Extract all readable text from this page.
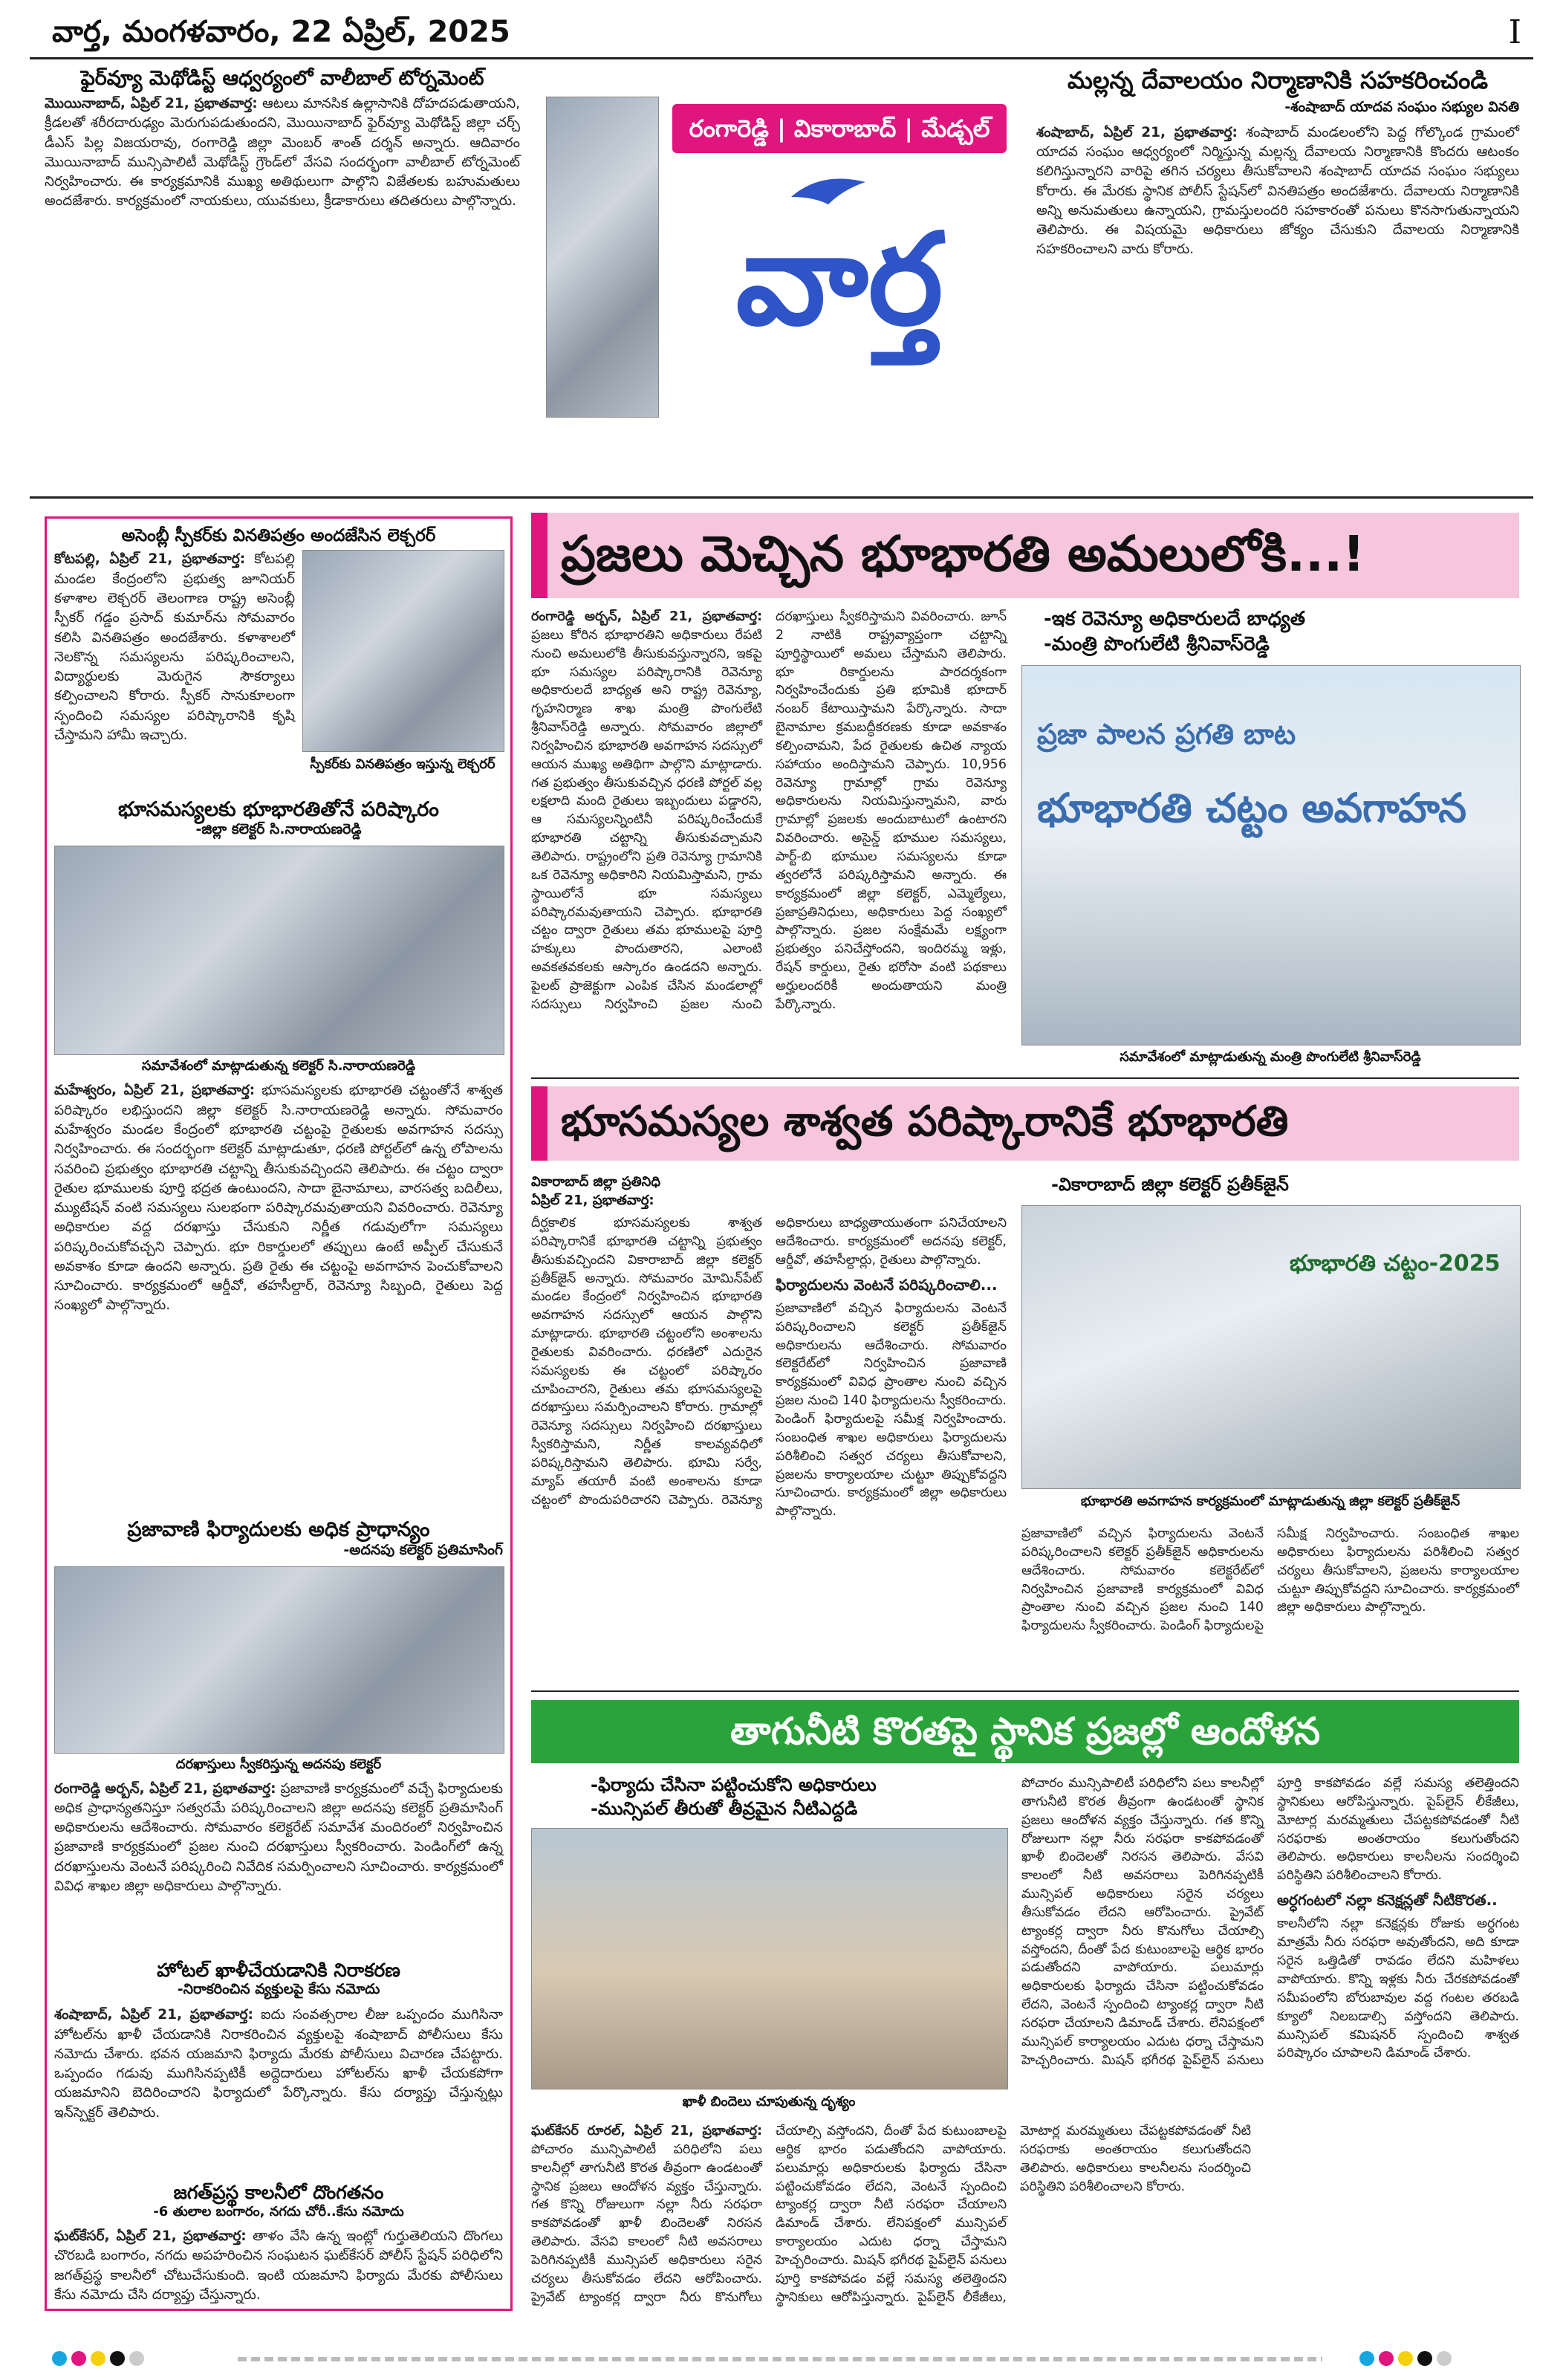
వార్త, మంగళవారం, 22 ఏప్రిల్, 2025	I
ఫైర్‌వ్యూ మెథోడిస్ట్ ఆధ్వర్యంలో వాలీబాల్ టోర్నమెంట్

మొయినాబాద్, ఏప్రిల్ 21, ప్రభాతవార్త: ఆటలు మానసిక ఉల్లాసానికి దోహదపడుతాయని, క్రీడలతో శరీరదారుఢ్యం మెరుగుపడుతుందని, మొయినాబాద్ ఫైర్‌వ్యూ మెథోడిస్ట్ జిల్లా చర్చ్ డీఎస్ పిల్ల విజయరావు, రంగారెడ్డి జిల్లా మెంబర్ శాంత్ దర్శన్ అన్నారు. ఆదివారం మొయినాబాద్ మున్సిపాలిటీ మెథోడిస్ట్ గ్రౌండ్‌లో వేసవి సందర్భంగా వాలీబాల్ టోర్నమెంట్ నిర్వహించారు. ఈ కార్యక్రమానికి ముఖ్య అతిథులుగా పాల్గొని విజేతలకు బహుమతులు అందజేశారు. కార్యక్రమంలో నాయకులు, యువకులు, క్రీడాకారులు తదితరులు పాల్గొన్నారు.

రంగారెడ్డి | వికారాబాద్ | మేడ్చల్
వార్త
మల్లన్న దేవాలయం నిర్మాణానికి సహకరించండి
-శంషాబాద్ యాదవ సంఘం సభ్యుల వినతి

శంషాబాద్, ఏప్రిల్ 21, ప్రభాతవార్త: శంషాబాద్ మండలంలోని పెద్ద గోల్కొండ గ్రామంలో యాదవ సంఘం ఆధ్వర్యంలో నిర్మిస్తున్న మల్లన్న దేవాలయ నిర్మాణానికి కొందరు ఆటంకం కలిగిస్తున్నారని వారిపై తగిన చర్యలు తీసుకోవాలని శంషాబాద్ యాదవ సంఘం సభ్యులు కోరారు. ఈ మేరకు స్థానిక పోలీస్ స్టేషన్‌లో వినతిపత్రం అందజేశారు. దేవాలయ నిర్మాణానికి అన్ని అనుమతులు ఉన్నాయని, గ్రామస్తులందరి సహకారంతో పనులు కొనసాగుతున్నాయని తెలిపారు. ఈ విషయమై అధికారులు జోక్యం చేసుకుని దేవాలయ నిర్మాణానికి సహకరించాలని వారు కోరారు.

అసెంబ్లీ స్పీకర్‌కు వినతిపత్రం అందజేసిన లెక్చరర్

కోటపల్లి, ఏప్రిల్ 21, ప్రభాతవార్త: కోటపల్లి మండల కేంద్రంలోని ప్రభుత్వ జూనియర్ కళాశాల లెక్చరర్ తెలంగాణ రాష్ట్ర అసెంబ్లీ స్పీకర్ గడ్డం ప్రసాద్ కుమార్‌ను సోమవారం కలిసి వినతిపత్రం అందజేశారు. కళాశాలలో నెలకొన్న సమస్యలను పరిష్కరించాలని, విద్యార్థులకు మెరుగైన సౌకర్యాలు కల్పించాలని కోరారు. స్పీకర్ సానుకూలంగా స్పందించి సమస్యల పరిష్కారానికి కృషి చేస్తామని హామీ ఇచ్చారు.

స్పీకర్‌కు వినతిపత్రం ఇస్తున్న లెక్చరర్
భూసమస్యలకు భూభారతితోనే పరిష్కారం
-జిల్లా కలెక్టర్ సి.నారాయణరెడ్డి
సమావేశంలో మాట్లాడుతున్న కలెక్టర్ సి.నారాయణరెడ్డి

మహేశ్వరం, ఏప్రిల్ 21, ప్రభాతవార్త: భూసమస్యలకు భూభారతి చట్టంతోనే శాశ్వత పరిష్కారం లభిస్తుందని జిల్లా కలెక్టర్ సి.నారాయణరెడ్డి అన్నారు. సోమవారం మహేశ్వరం మండల కేంద్రంలో భూభారతి చట్టంపై రైతులకు అవగాహన సదస్సు నిర్వహించారు. ఈ సందర్భంగా కలెక్టర్ మాట్లాడుతూ, ధరణి పోర్టల్‌లో ఉన్న లోపాలను సవరించి ప్రభుత్వం భూభారతి చట్టాన్ని తీసుకువచ్చిందని తెలిపారు. ఈ చట్టం ద్వారా రైతుల భూములకు పూర్తి భద్రత ఉంటుందని, సాదా బైనామాలు, వారసత్వ బదిలీలు, మ్యుటేషన్ వంటి సమస్యలు సులభంగా పరిష్కారమవుతాయని వివరించారు. రెవెన్యూ అధికారుల వద్ద దరఖాస్తు చేసుకుని నిర్ణీత గడువులోగా సమస్యలు పరిష్కరించుకోవచ్చని చెప్పారు. భూ రికార్డులలో తప్పులు ఉంటే అప్పీల్ చేసుకునే అవకాశం కూడా ఉందని అన్నారు. ప్రతి రైతు ఈ చట్టంపై అవగాహన పెంచుకోవాలని సూచించారు. కార్యక్రమంలో ఆర్డీవో, తహసీల్దార్, రెవెన్యూ సిబ్బంది, రైతులు పెద్ద సంఖ్యలో పాల్గొన్నారు.

ప్రజావాణి ఫిర్యాదులకు అధిక ప్రాధాన్యం
-అదనపు కలెక్టర్ ప్రతిమాసింగ్
దరఖాస్తులు స్వీకరిస్తున్న అదనపు కలెక్టర్

రంగారెడ్డి అర్బన్, ఏప్రిల్ 21, ప్రభాతవార్త: ప్రజావాణి కార్యక్రమంలో వచ్చే ఫిర్యాదులకు అధిక ప్రాధాన్యతనిస్తూ సత్వరమే పరిష్కరించాలని జిల్లా అదనపు కలెక్టర్ ప్రతిమాసింగ్ అధికారులను ఆదేశించారు. సోమవారం కలెక్టరేట్ సమావేశ మందిరంలో నిర్వహించిన ప్రజావాణి కార్యక్రమంలో ప్రజల నుంచి దరఖాస్తులు స్వీకరించారు. పెండింగ్‌లో ఉన్న దరఖాస్తులను వెంటనే పరిష్కరించి నివేదిక సమర్పించాలని సూచించారు. కార్యక్రమంలో వివిధ శాఖల జిల్లా అధికారులు పాల్గొన్నారు.

హోటల్ ఖాళీచేయడానికి నిరాకరణ
-నిరాకరించిన వ్యక్తులపై కేసు నమోదు

శంషాబాద్, ఏప్రిల్ 21, ప్రభాతవార్త: ఐదు సంవత్సరాల లీజు ఒప్పందం ముగిసినా హోటల్‌ను ఖాళీ చేయడానికి నిరాకరించిన వ్యక్తులపై శంషాబాద్ పోలీసులు కేసు నమోదు చేశారు. భవన యజమాని ఫిర్యాదు మేరకు పోలీసులు విచారణ చేపట్టారు. ఒప్పందం గడువు ముగిసినప్పటికీ అద్దెదారులు హోటల్‌ను ఖాళీ చేయకపోగా యజమానిని బెదిరించారని ఫిర్యాదులో పేర్కొన్నారు. కేసు దర్యాప్తు చేస్తున్నట్లు ఇన్‌స్పెక్టర్ తెలిపారు.

జగత్‌ప్రస్థ కాలనీలో దొంగతనం
-6 తులాల బంగారం, నగదు చోరీ..కేసు నమోదు

ఘట్‌కేసర్, ఏప్రిల్ 21, ప్రభాతవార్త: తాళం వేసి ఉన్న ఇంట్లో గుర్తుతెలియని దొంగలు చొరబడి బంగారం, నగదు అపహరించిన సంఘటన ఘట్‌కేసర్ పోలీస్ స్టేషన్ పరిధిలోని జగత్‌ప్రస్థ కాలనీలో చోటుచేసుకుంది. ఇంటి యజమాని ఫిర్యాదు మేరకు పోలీసులు కేసు నమోదు చేసి దర్యాప్తు చేస్తున్నారు.

ప్రజలు మెచ్చిన భూభారతి అమలులోకి...!

రంగారెడ్డి అర్బన్, ఏప్రిల్ 21, ప్రభాతవార్త: ప్రజలు కోరిన భూభారతిని అధికారులు రేపటి నుంచి అమలులోకి తీసుకువస్తున్నారని, ఇకపై భూ సమస్యల పరిష్కారానికి రెవెన్యూ అధికారులదే బాధ్యత అని రాష్ట్ర రెవెన్యూ, గృహనిర్మాణ శాఖ మంత్రి పొంగులేటి శ్రీనివాస్‌రెడ్డి అన్నారు. సోమవారం జిల్లాలో నిర్వహించిన భూభారతి అవగాహన సదస్సులో ఆయన ముఖ్య అతిథిగా పాల్గొని మాట్లాడారు. గత ప్రభుత్వం తీసుకువచ్చిన ధరణి పోర్టల్ వల్ల లక్షలాది మంది రైతులు ఇబ్బందులు పడ్డారని, ఆ సమస్యలన్నింటినీ పరిష్కరించేందుకే భూభారతి చట్టాన్ని తీసుకువచ్చామని తెలిపారు. రాష్ట్రంలోని ప్రతి రెవెన్యూ గ్రామానికి ఒక రెవెన్యూ అధికారిని నియమిస్తామని, గ్రామ స్థాయిలోనే భూ సమస్యలు పరిష్కారమవుతాయని చెప్పారు. భూభారతి చట్టం ద్వారా రైతులు తమ భూములపై పూర్తి హక్కులు పొందుతారని, ఎలాంటి అవకతవకలకు ఆస్కారం ఉండదని అన్నారు. పైలట్ ప్రాజెక్టుగా ఎంపిక చేసిన మండలాల్లో సదస్సులు నిర్వహించి ప్రజల నుంచి దరఖాస్తులు స్వీకరిస్తామని వివరించారు. జూన్ 2 నాటికి రాష్ట్రవ్యాప్తంగా చట్టాన్ని పూర్తిస్థాయిలో అమలు చేస్తామని తెలిపారు. భూ రికార్డులను పారదర్శకంగా నిర్వహించేందుకు ప్రతి భూమికి భూదార్ నంబర్ కేటాయిస్తామని పేర్కొన్నారు. సాదా బైనామాల క్రమబద్ధీకరణకు కూడా అవకాశం కల్పించామని, పేద రైతులకు ఉచిత న్యాయ సహాయం అందిస్తామని చెప్పారు. 10,956 రెవెన్యూ గ్రామాల్లో గ్రామ రెవెన్యూ అధికారులను నియమిస్తున్నామని, వారు గ్రామాల్లో ప్రజలకు అందుబాటులో ఉంటారని వివరించారు. అసైన్డ్ భూముల సమస్యలు, పార్ట్-బి భూముల సమస్యలను కూడా త్వరలోనే పరిష్కరిస్తామని అన్నారు. ఈ కార్యక్రమంలో జిల్లా కలెక్టర్, ఎమ్మెల్యేలు, ప్రజాప్రతినిధులు, అధికారులు పెద్ద సంఖ్యలో పాల్గొన్నారు. ప్రజల సంక్షేమమే లక్ష్యంగా ప్రభుత్వం పనిచేస్తోందని, ఇందిరమ్మ ఇళ్లు, రేషన్ కార్డులు, రైతు భరోసా వంటి పథకాలు అర్హులందరికీ అందుతాయని మంత్రి పేర్కొన్నారు.

-ఇక రెవెన్యూ అధికారులదే బాధ్యత
-మంత్రి పొంగులేటి శ్రీనివాస్‌రెడ్డి
ప్రజా పాలన ప్రగతి బాట
భూభారతి చట్టం అవగాహన
సమావేశంలో మాట్లాడుతున్న మంత్రి పొంగులేటి శ్రీనివాస్‌రెడ్డి
భూసమస్యల శాశ్వత పరిష్కారానికే భూభారతి
వికారాబాద్ జిల్లా ప్రతినిధి
ఏప్రిల్ 21, ప్రభాతవార్త:

దీర్ఘకాలిక భూసమస్యలకు శాశ్వత పరిష్కారానికే భూభారతి చట్టాన్ని ప్రభుత్వం తీసుకువచ్చిందని వికారాబాద్ జిల్లా కలెక్టర్ ప్రతీక్‌జైన్ అన్నారు. సోమవారం మోమిన్‌పేట్ మండల కేంద్రంలో నిర్వహించిన భూభారతి అవగాహన సదస్సులో ఆయన పాల్గొని మాట్లాడారు. భూభారతి చట్టంలోని అంశాలను రైతులకు వివరించారు. ధరణిలో ఎదురైన సమస్యలకు ఈ చట్టంలో పరిష్కారం చూపించారని, రైతులు తమ భూసమస్యలపై దరఖాస్తులు సమర్పించాలని కోరారు. గ్రామాల్లో రెవెన్యూ సదస్సులు నిర్వహించి దరఖాస్తులు స్వీకరిస్తామని, నిర్ణీత కాలవ్యవధిలో పరిష్కరిస్తామని తెలిపారు. భూమి సర్వే, మ్యాప్ తయారీ వంటి అంశాలను కూడా చట్టంలో పొందుపరిచారని చెప్పారు. రెవెన్యూ అధికారులు బాధ్యతాయుతంగా పనిచేయాలని ఆదేశించారు. కార్యక్రమంలో అదనపు కలెక్టర్, ఆర్డీవో, తహసీల్దార్లు, రైతులు పాల్గొన్నారు.

ఫిర్యాదులను వెంటనే పరిష్కరించాలి...

ప్రజావాణిలో వచ్చిన ఫిర్యాదులను వెంటనే పరిష్కరించాలని కలెక్టర్ ప్రతీక్‌జైన్ అధికారులను ఆదేశించారు. సోమవారం కలెక్టరేట్‌లో నిర్వహించిన ప్రజావాణి కార్యక్రమంలో వివిధ ప్రాంతాల నుంచి వచ్చిన ప్రజల నుంచి 140 ఫిర్యాదులను స్వీకరించారు. పెండింగ్ ఫిర్యాదులపై సమీక్ష నిర్వహించారు. సంబంధిత శాఖల అధికారులు ఫిర్యాదులను పరిశీలించి సత్వర చర్యలు తీసుకోవాలని, ప్రజలను కార్యాలయాల చుట్టూ తిప్పుకోవద్దని సూచించారు. కార్యక్రమంలో జిల్లా అధికారులు పాల్గొన్నారు.

-వికారాబాద్ జిల్లా కలెక్టర్ ప్రతీక్‌జైన్
భూభారతి చట్టం-2025
భూభారతి అవగాహన కార్యక్రమంలో మాట్లాడుతున్న జిల్లా కలెక్టర్ ప్రతీక్‌జైన్

ప్రజావాణిలో వచ్చిన ఫిర్యాదులను వెంటనే పరిష్కరించాలని కలెక్టర్ ప్రతీక్‌జైన్ అధికారులను ఆదేశించారు. సోమవారం కలెక్టరేట్‌లో నిర్వహించిన ప్రజావాణి కార్యక్రమంలో వివిధ ప్రాంతాల నుంచి వచ్చిన ప్రజల నుంచి 140 ఫిర్యాదులను స్వీకరించారు. పెండింగ్ ఫిర్యాదులపై సమీక్ష నిర్వహించారు. సంబంధిత శాఖల అధికారులు ఫిర్యాదులను పరిశీలించి సత్వర చర్యలు తీసుకోవాలని, ప్రజలను కార్యాలయాల చుట్టూ తిప్పుకోవద్దని సూచించారు. కార్యక్రమంలో జిల్లా అధికారులు పాల్గొన్నారు.

తాగునీటి కొరతపై స్థానిక ప్రజల్లో ఆందోళన
-ఫిర్యాదు చేసినా పట్టించుకోని అధికారులు
-మున్సిపల్ తీరుతో తీవ్రమైన నీటిఎద్దడి
ఖాళీ బిందెలు చూపుతున్న దృశ్యం

ఘట్‌కేసర్ రూరల్, ఏప్రిల్ 21, ప్రభాతవార్త: పోచారం మున్సిపాలిటీ పరిధిలోని పలు కాలనీల్లో తాగునీటి కొరత తీవ్రంగా ఉండటంతో స్థానిక ప్రజలు ఆందోళన వ్యక్తం చేస్తున్నారు. గత కొన్ని రోజులుగా నల్లా నీరు సరఫరా కాకపోవడంతో ఖాళీ బిందెలతో నిరసన తెలిపారు. వేసవి కాలంలో నీటి అవసరాలు పెరిగినప్పటికీ మున్సిపల్ అధికారులు సరైన చర్యలు తీసుకోవడం లేదని ఆరోపించారు. ప్రైవేట్ ట్యాంకర్ల ద్వారా నీరు కొనుగోలు చేయాల్సి వస్తోందని, దీంతో పేద కుటుంబాలపై ఆర్థిక భారం పడుతోందని వాపోయారు. పలుమార్లు అధికారులకు ఫిర్యాదు చేసినా పట్టించుకోవడం లేదని, వెంటనే స్పందించి ట్యాంకర్ల ద్వారా నీటి సరఫరా చేయాలని డిమాండ్ చేశారు. లేనిపక్షంలో మున్సిపల్ కార్యాలయం ఎదుట ధర్నా చేస్తామని హెచ్చరించారు. మిషన్ భగీరథ పైప్‌లైన్ పనులు పూర్తి కాకపోవడం వల్లే సమస్య తలెత్తిందని స్థానికులు ఆరోపిస్తున్నారు. పైప్‌లైన్ లీకేజీలు, మోటార్ల మరమ్మతులు చేపట్టకపోవడంతో నీటి సరఫరాకు అంతరాయం కలుగుతోందని తెలిపారు. అధికారులు కాలనీలను సందర్శించి పరిస్థితిని పరిశీలించాలని కోరారు.

పోచారం మున్సిపాలిటీ పరిధిలోని పలు కాలనీల్లో తాగునీటి కొరత తీవ్రంగా ఉండటంతో స్థానిక ప్రజలు ఆందోళన వ్యక్తం చేస్తున్నారు. గత కొన్ని రోజులుగా నల్లా నీరు సరఫరా కాకపోవడంతో ఖాళీ బిందెలతో నిరసన తెలిపారు. వేసవి కాలంలో నీటి అవసరాలు పెరిగినప్పటికీ మున్సిపల్ అధికారులు సరైన చర్యలు తీసుకోవడం లేదని ఆరోపించారు. ప్రైవేట్ ట్యాంకర్ల ద్వారా నీరు కొనుగోలు చేయాల్సి వస్తోందని, దీంతో పేద కుటుంబాలపై ఆర్థిక భారం పడుతోందని వాపోయారు. పలుమార్లు అధికారులకు ఫిర్యాదు చేసినా పట్టించుకోవడం లేదని, వెంటనే స్పందించి ట్యాంకర్ల ద్వారా నీటి సరఫరా చేయాలని డిమాండ్ చేశారు. లేనిపక్షంలో మున్సిపల్ కార్యాలయం ఎదుట ధర్నా చేస్తామని హెచ్చరించారు. మిషన్ భగీరథ పైప్‌లైన్ పనులు పూర్తి కాకపోవడం వల్లే సమస్య తలెత్తిందని స్థానికులు ఆరోపిస్తున్నారు. పైప్‌లైన్ లీకేజీలు, మోటార్ల మరమ్మతులు చేపట్టకపోవడంతో నీటి సరఫరాకు అంతరాయం కలుగుతోందని తెలిపారు. అధికారులు కాలనీలను సందర్శించి పరిస్థితిని పరిశీలించాలని కోరారు.

అర్ధగంటలో నల్లా కనెక్షన్లతో నీటికొరత..

కాలనీలోని నల్లా కనెక్షన్లకు రోజుకు అర్ధగంట మాత్రమే నీరు సరఫరా అవుతోందని, అది కూడా సరైన ఒత్తిడితో రావడం లేదని మహిళలు వాపోయారు. కొన్ని ఇళ్లకు నీరు చేరకపోవడంతో సమీపంలోని బోరుబావుల వద్ద గంటల తరబడి క్యూలో నిలబడాల్సి వస్తోందని తెలిపారు. మున్సిపల్ కమిషనర్ స్పందించి శాశ్వత పరిష్కారం చూపాలని డిమాండ్ చేశారు.
